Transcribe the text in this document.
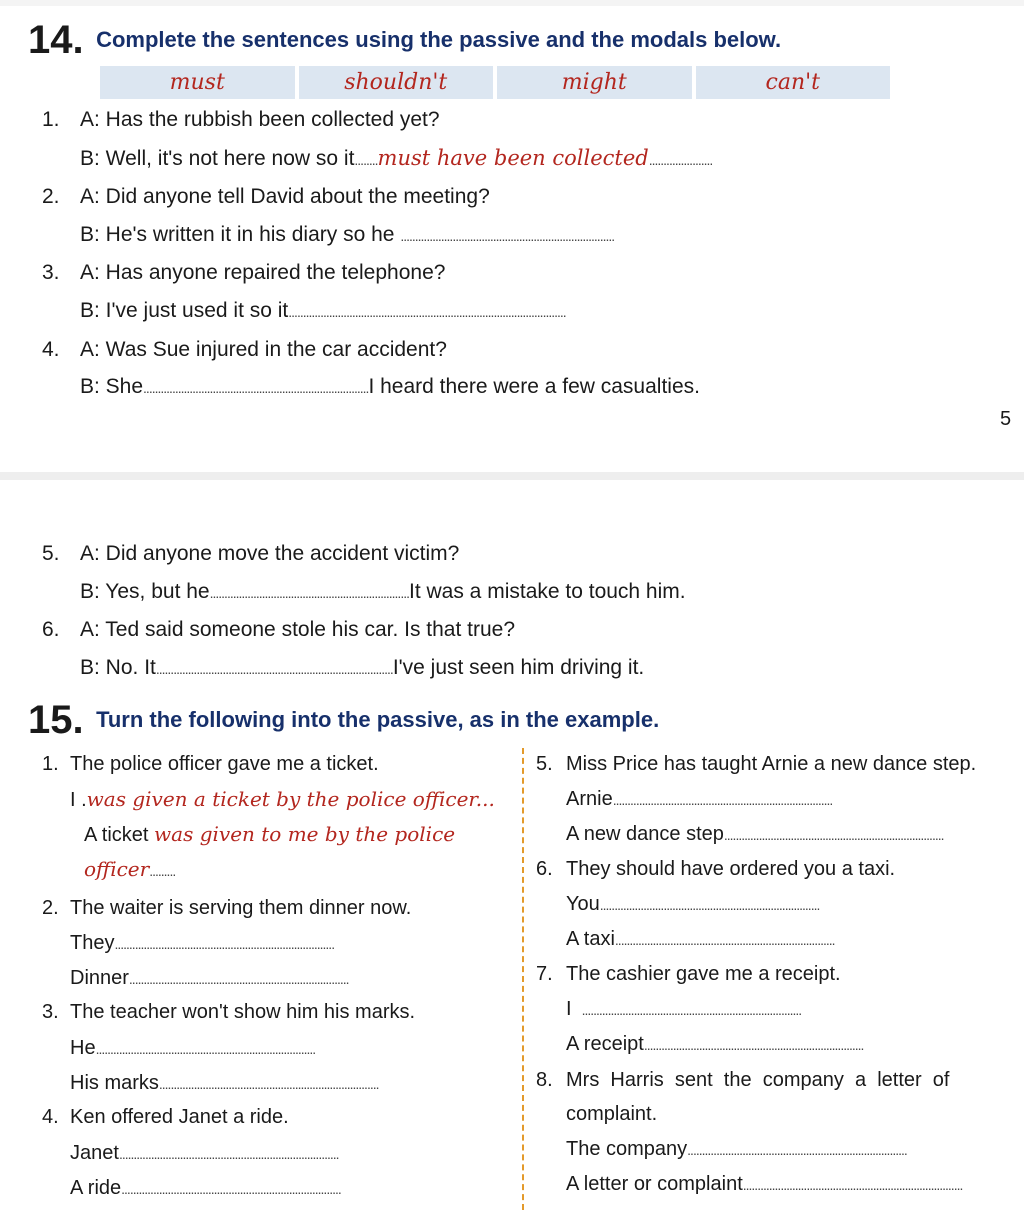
14. Complete the sentences using the passive and the modals below.
must	shouldn't	might	can't
1. A: Has the rubbish been collected yet?
B: Well, it's not here now so it........must have been collected......................
2. A: Did anyone tell David about the meeting?
B: He's written it in his diary so he ..........................................................................
3. A: Has anyone repaired the telephone?
B: I've just used it so it................................................................................................
4. A: Was Sue injured in the car accident?
B: She..............................................................................I heard there were a few casualties.
5
5. A: Did anyone move the accident victim?
B: Yes, but he.....................................................................It was a mistake to touch him.
6. A: Ted said someone stole his car. Is that true?
B: No. It..................................................................................I've just seen him driving it.
15. Turn the following into the passive, as in the example.
1. The police officer gave me a ticket.
I .was given a ticket by the police officer...
A ticket was given to me by the police
officer.........
2. The waiter is serving them dinner now.
They............................................................................
Dinner............................................................................
3. The teacher won't show him his marks.
He............................................................................
His marks............................................................................
4. Ken offered Janet a ride.
Janet............................................................................
A ride............................................................................
5. Miss Price has taught Arnie a new dance step.
Arnie............................................................................
A new dance step............................................................................
6. They should have ordered you a taxi.
You............................................................................
A taxi............................................................................
7. The cashier gave me a receipt.
I ............................................................................
A receipt............................................................................
8. Mrs  Harris  sent  the  company  a  letter  of
complaint.
The company............................................................................
A letter or complaint............................................................................
